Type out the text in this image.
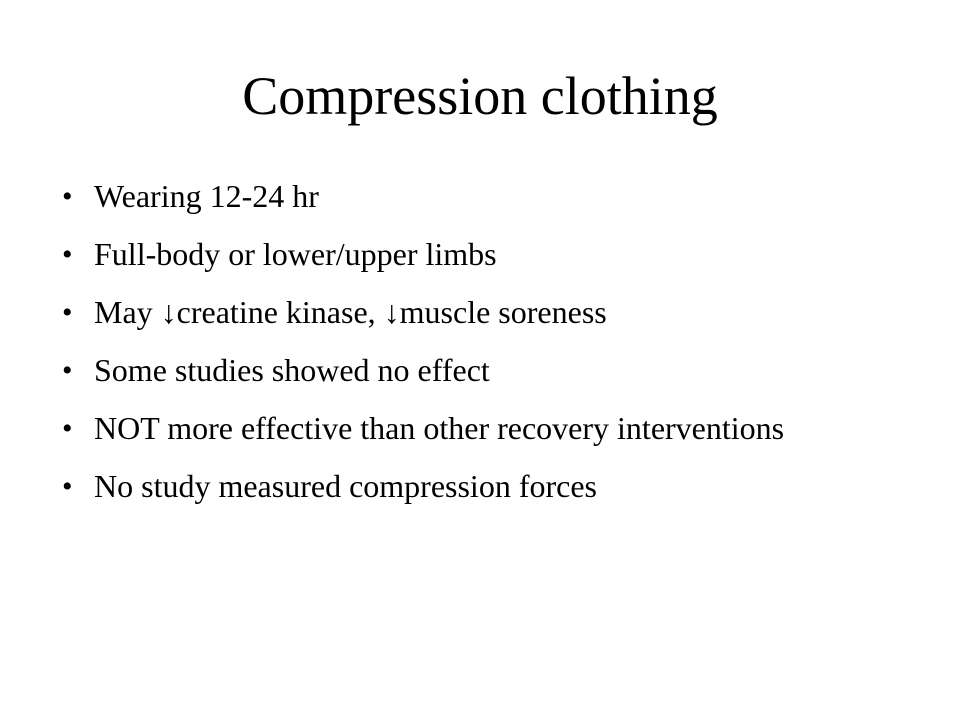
Compression clothing
• Wearing 12-24 hr
• Full-body or lower/upper limbs
• May ↓creatine kinase, ↓muscle soreness
• Some studies showed no effect
• NOT more effective than other recovery interventions
• No study measured compression forces
